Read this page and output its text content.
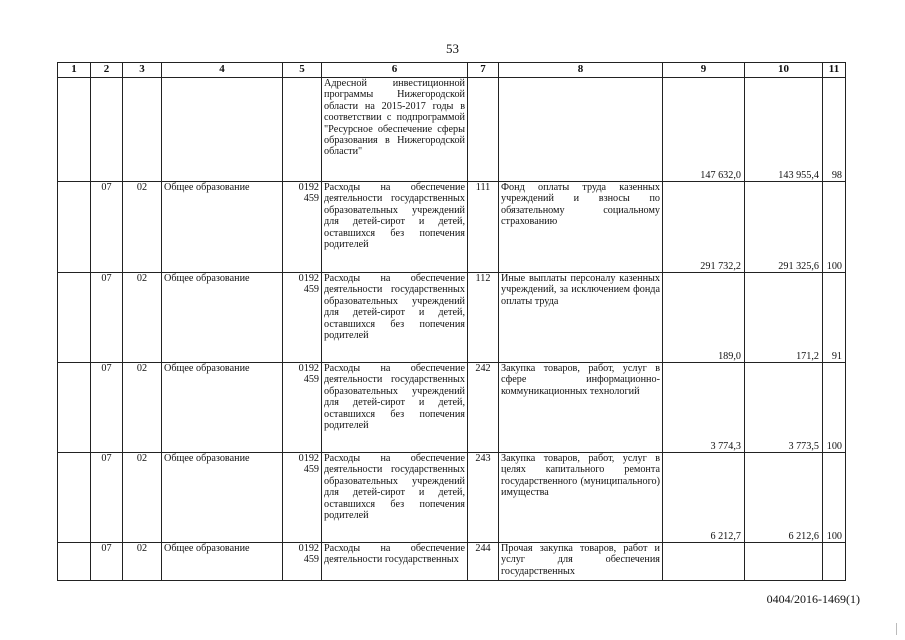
53
1	2	3	4	5	6	7	8	9	10	11
					Адресной инвестиционной программы Нижегородской области на 2015-2017 годы в соответствии с подпрограммой "Ресурсное обеспечение сферы образования в Нижегородской области"			147 632,0	143 955,4	98
	07	02	Общее образование	0192 459	Расходы на обеспечение деятельности государственных образовательных учреждений для детей-сирот и детей, оставшихся без попечения родителей	111	Фонд оплаты труда казенных учреждений и взносы по обязательному социальному страхованию	291 732,2	291 325,6	100
	07	02	Общее образование	0192 459	Расходы на обеспечение деятельности государственных образовательных учреждений для детей-сирот и детей, оставшихся без попечения родителей	112	Иные выплаты персоналу казенных учреждений, за исключением фонда оплаты труда	189,0	171,2	91
	07	02	Общее образование	0192 459	Расходы на обеспечение деятельности государственных образовательных учреждений для детей-сирот и детей, оставшихся без попечения родителей	242	Закупка товаров, работ, услуг в сфере информационно-коммуникационных технологий	3 774,3	3 773,5	100
	07	02	Общее образование	0192 459	Расходы на обеспечение деятельности государственных образовательных учреждений для детей-сирот и детей, оставшихся без попечения родителей	243	Закупка товаров, работ, услуг в целях капитального ремонта государственного (муниципального) имущества	6 212,7	6 212,6	100
	07	02	Общее образование	0192 459	Расходы на обеспечение деятельности государственных	244	Прочая закупка товаров, работ и услуг для обеспечения государственных			
0404/2016-1469(1)
